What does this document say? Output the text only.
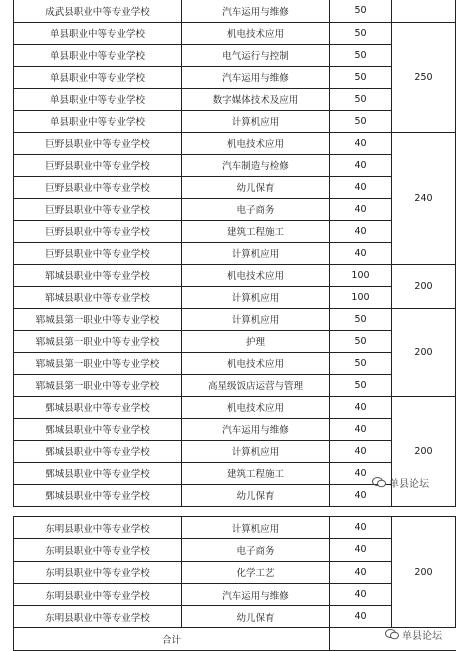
成武县职业中等专业学校	汽车运用与维修	50	
单县职业中等专业学校	机电技术应用	50	250
单县职业中等专业学校	电气运行与控制	50	
单县职业中等专业学校	汽车运用与维修	50	
单县职业中等专业学校	数字媒体技术及应用	50	
单县职业中等专业学校	计算机应用	50	
巨野县职业中等专业学校	机电技术应用	40	240
巨野县职业中等专业学校	汽车制造与检修	40	
巨野县职业中等专业学校	幼儿保育	40	
巨野县职业中等专业学校	电子商务	40	
巨野县职业中等专业学校	建筑工程施工	40	
巨野县职业中等专业学校	计算机应用	40	
郓城县职业中等专业学校	机电技术应用	100	200
郓城县职业中等专业学校	计算机应用	100	
郓城县第一职业中等专业学校	计算机应用	50	200
郓城县第一职业中等专业学校	护理	50	
郓城县第一职业中等专业学校	机电技术应用	50	
郓城县第一职业中等专业学校	高星级饭店运营与管理	50	
鄄城县职业中等专业学校	机电技术应用	40	200
鄄城县职业中等专业学校	汽车运用与维修	40	
鄄城县职业中等专业学校	计算机应用	40	
鄄城县职业中等专业学校	建筑工程施工	40	
鄄城县职业中等专业学校	幼儿保育	40	
东明县职业中等专业学校	计算机应用	40	200
东明县职业中等专业学校	电子商务	40	
东明县职业中等专业学校	化学工艺	40	
东明县职业中等专业学校	汽车运用与维修	40	
东明县职业中等专业学校	幼儿保育	40	
合计			
单县论坛
单县论坛
